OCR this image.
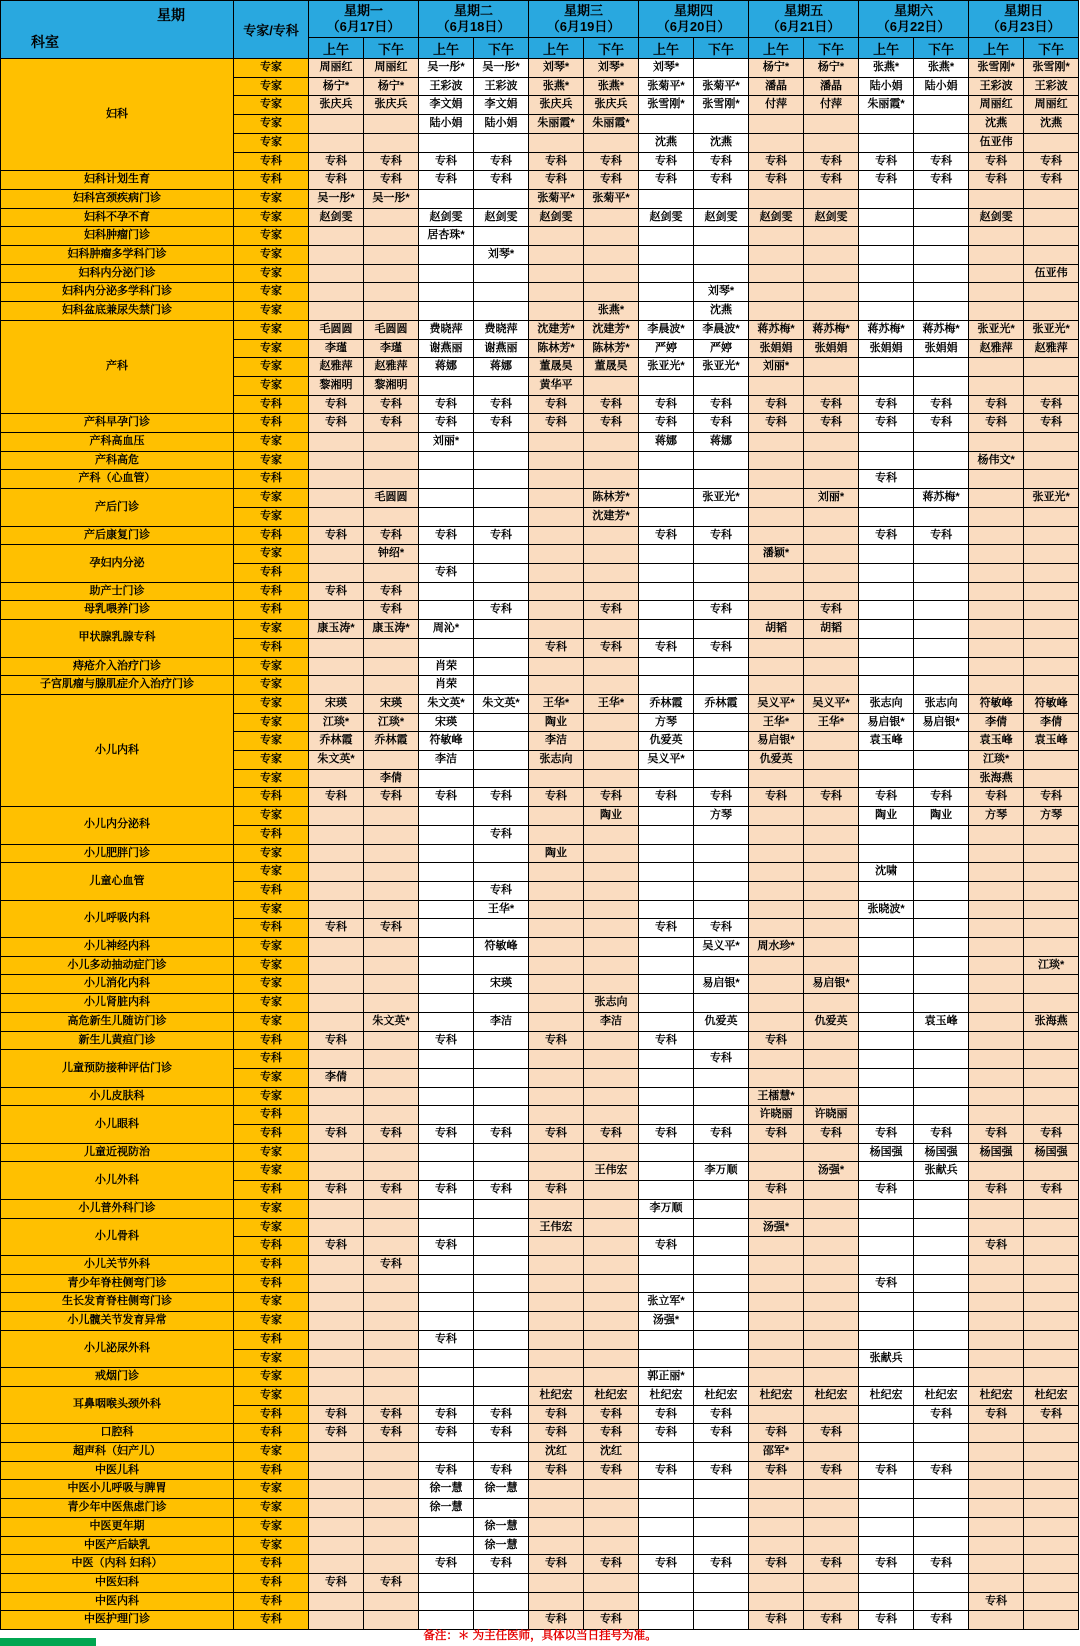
星期
科室
	专家/专科	
星期一
（6月17日）

星期二
（6月18日）

星期三
（6月19日）

星期四
（6月20日）

星期五
（6月21日）

星期六
（6月22日）

星期日
（6月23日）

		上午	下午	上午	下午	上午	下午	上午	下午	上午	下午	上午	下午	上午	下午
妇科	专家	周丽红	周丽红	吴一彤*	吴一彤*	刘琴*	刘琴*	刘琴*		杨宁*	杨宁*	张燕*	张燕*	张雪刚*	张雪刚*
	专家	杨宁*	杨宁*	王彩波	王彩波	张燕*	张燕*	张菊平*	张菊平*	潘晶	潘晶	陆小娟	陆小娟	王彩波	王彩波
	专家	张庆兵	张庆兵	李文娟	李文娟	张庆兵	张庆兵	张雪刚*	张雪刚*	付萍	付萍	朱丽霞*		周丽红	周丽红
	专家			陆小娟	陆小娟	朱丽霞*	朱丽霞*							沈燕	沈燕
	专家							沈燕	沈燕					伍亚伟	
	专科	专科	专科	专科	专科	专科	专科	专科	专科	专科	专科	专科	专科	专科	专科
妇科计划生育	专科	专科	专科	专科	专科	专科	专科	专科	专科	专科	专科	专科	专科	专科	专科
妇科宫颈疾病门诊	专家	吴一彤*	吴一彤*			张菊平*	张菊平*								
妇科不孕不育	专家	赵剑雯		赵剑雯	赵剑雯	赵剑雯		赵剑雯	赵剑雯	赵剑雯	赵剑雯			赵剑雯	
妇科肿瘤门诊	专家			居杏珠*											
妇科肿瘤多学科门诊	专家				刘琴*										
妇科内分泌门诊	专家														伍亚伟
妇科内分泌多学科门诊	专家								刘琴*						
妇科盆底兼尿失禁门诊	专家						张燕*		沈燕						
产科	专家	毛圆圆	毛圆圆	费晓萍	费晓萍	沈建芳*	沈建芳*	李晨波*	李晨波*	蒋苏梅*	蒋苏梅*	蒋苏梅*	蒋苏梅*	张亚光*	张亚光*
	专家	李瑾	李瑾	谢燕丽	谢燕丽	陈林芳*	陈林芳*	严婷	严婷	张娟娟	张娟娟	张娟娟	张娟娟	赵雅萍	赵雅萍
	专家	赵雅萍	赵雅萍	蒋娜	蒋娜	董晟昊	董晟昊	张亚光*	张亚光*	刘丽*					
	专家	黎湘明	黎湘明			黄华平									
	专科	专科	专科	专科	专科	专科	专科	专科	专科	专科	专科	专科	专科	专科	专科
产科早孕门诊	专科	专科	专科	专科	专科	专科	专科	专科	专科	专科	专科	专科	专科	专科	专科
产科高血压	专家			刘丽*				蒋娜	蒋娜						
产科高危	专家													杨伟文*	
产科（心血管）	专科											专科			
产后门诊	专家		毛圆圆				陈林芳*		张亚光*		刘丽*		蒋苏梅*		张亚光*
	专家						沈建芳*								
产后康复门诊	专科	专科	专科	专科	专科			专科	专科			专科	专科		
孕妇内分泌	专家		钟绍*							潘颖*					
	专科			专科											
助产士门诊	专科	专科	专科												
母乳喂养门诊	专科		专科		专科		专科		专科		专科				
甲状腺乳腺专科	专家	康玉涛*	康玉涛*	周沁*						胡韬	胡韬				
	专科					专科	专科	专科	专科						
痔疮介入治疗门诊	专家			肖荣											
子宫肌瘤与腺肌症介入治疗门诊	专家			肖荣											
小儿内科	专家	宋瑛	宋瑛	朱文英*	朱文英*	王华*	王华*	乔林霞	乔林霞	吴义平*	吴义平*	张志向	张志向	符敏峰	符敏峰
	专家	江琰*	江琰*	宋瑛		陶业		方琴		王华*	王华*	易启银*	易启银*	李倩	李倩
	专家	乔林霞	乔林霞	符敏峰		李洁		仇爱英		易启银*		袁玉峰		袁玉峰	袁玉峰
	专家	朱文英*		李洁		张志向		吴义平*		仇爱英				江琰*	
	专家		李倩											张海燕	
	专科	专科	专科	专科	专科	专科	专科	专科	专科	专科	专科	专科	专科	专科	专科
小儿内分泌科	专家						陶业		方琴			陶业	陶业	方琴	方琴
	专科				专科										
小儿肥胖门诊	专家					陶业									
儿童心血管	专家											沈啸			
	专科				专科										
小儿呼吸内科	专家				王华*							张晓波*			
	专科	专科	专科					专科	专科						
小儿神经内科	专家				符敏峰				吴义平*	周水珍*					
小儿多动抽动症门诊	专家														江琰*
小儿消化内科	专家				宋瑛				易启银*		易启银*				
小儿肾脏内科	专家						张志向								
高危新生儿随访门诊	专家		朱文英*		李洁		李洁		仇爱英		仇爱英		袁玉峰		张海燕
新生儿黄疸门诊	专科	专科		专科		专科		专科		专科					
儿童预防接种评估门诊	专科								专科						
	专家	李倩													
小儿皮肤科	专家									王檑慧*					
小儿眼科	专科									许晓丽	许晓丽				
	专科	专科	专科	专科	专科	专科	专科	专科	专科	专科	专科	专科	专科	专科	专科
儿童近视防治	专家											杨国强	杨国强	杨国强	杨国强
小儿外科	专家						王伟宏		李万顺		汤强*		张献兵		
	专科	专科	专科	专科	专科	专科				专科		专科		专科	专科
小儿普外科门诊	专家							李万顺							
小儿骨科	专家					王伟宏				汤强*					
	专科	专科		专科				专科						专科	
小儿关节外科	专科		专科												
青少年脊柱侧弯门诊	专科											专科			
生长发育脊柱侧弯门诊	专家							张立军*							
小儿髋关节发育异常	专家							汤强*							
小儿泌尿外科	专科			专科											
	专家											张献兵			
戒烟门诊	专家							郭正丽*							
耳鼻咽喉头颈外科	专家					杜纪宏	杜纪宏	杜纪宏	杜纪宏	杜纪宏	杜纪宏	杜纪宏	杜纪宏	杜纪宏	杜纪宏
	专科	专科	专科	专科	专科	专科	专科	专科	专科				专科	专科	专科
口腔科	专科	专科	专科	专科	专科	专科	专科	专科	专科	专科	专科				
超声科（妇产儿）	专家					沈红	沈红			邵军*					
中医儿科	专科			专科	专科	专科	专科	专科	专科	专科	专科	专科	专科		
中医小儿呼吸与脾胃	专家			徐一慧	徐一慧										
青少年中医焦虑门诊	专家			徐一慧											
中医更年期	专家				徐一慧										
中医产后缺乳	专家				徐一慧										
中医（内科 妇科）	专科			专科	专科	专科	专科	专科	专科	专科	专科	专科	专科		
中医妇科	专科	专科	专科												
中医内科	专科													专科	
中医护理门诊	专科					专科	专科			专科	专科	专科	专科		
备注：＊ 为主任医师，具体以当日挂号为准。
